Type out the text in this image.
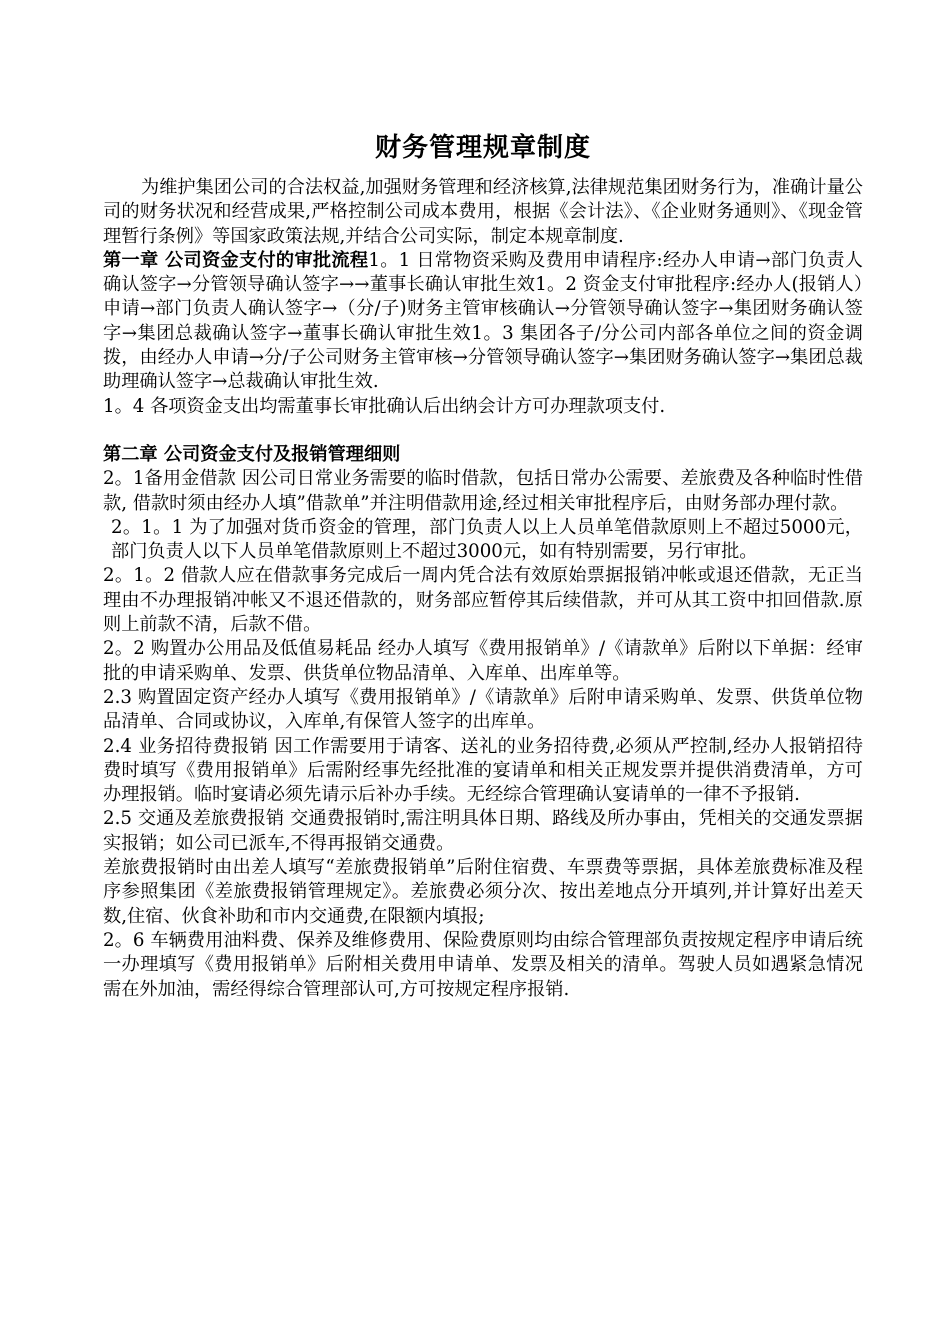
财务管理规章制度

为维护集团公司的合法权益,加强财务管理和经济核算,法律规范集团财务行为，准确计量公司的财务状况和经营成果,严格控制公司成本费用，根据《会计法》、《企业财务通则》、《现金管理暂行条例》等国家政策法规,并结合公司实际，制定本规章制度.

第一章 公司资金支付的审批流程1。1 日常物资采购及费用申请程序:经办人申请→部门负责人确认签字→分管领导确认签字→→董事长确认审批生效1。2 资金支付审批程序:经办人(报销人）申请→部门负责人确认签字→（分/子)财务主管审核确认→分管领导确认签字→集团财务确认签字→集团总裁确认签字→董事长确认审批生效1。3 集团各子/分公司内部各单位之间的资金调拨，由经办人申请→分/子公司财务主管审核→分管领导确认签字→集团财务确认签字→集团总裁助理确认签字→总裁确认审批生效.

1。4 各项资金支出均需董事长审批确认后出纳会计方可办理款项支付.

第二章 公司资金支付及报销管理细则

2。1备用金借款 因公司日常业务需要的临时借款，包括日常办公需要、差旅费及各种临时性借款, 借款时须由经办人填”借款单”并注明借款用途,经过相关审批程序后，由财务部办理付款。

2。1。1 为了加强对货币资金的管理，部门负责人以上人员单笔借款原则上不超过5000元，部门负责人以下人员单笔借款原则上不超过3000元，如有特别需要，另行审批。

2。1。2 借款人应在借款事务完成后一周内凭合法有效原始票据报销冲帐或退还借款，无正当理由不办理报销冲帐又不退还借款的，财务部应暂停其后续借款，并可从其工资中扣回借款.原则上前款不清，后款不借。

2。2 购置办公用品及低值易耗品 经办人填写《费用报销单》/《请款单》后附以下单据：经审批的申请采购单、发票、供货单位物品清单、入库单、出库单等。

2.3 购置固定资产经办人填写《费用报销单》/《请款单》后附申请采购单、发票、供货单位物品清单、合同或协议，入库单,有保管人签字的出库单。

2.4 业务招待费报销 因工作需要用于请客、送礼的业务招待费,必须从严控制,经办人报销招待费时填写《费用报销单》后需附经事先经批准的宴请单和相关正规发票并提供消费清单，方可办理报销。临时宴请必须先请示后补办手续。无经综合管理确认宴请单的一律不予报销.

2.5 交通及差旅费报销 交通费报销时,需注明具体日期、路线及所办事由，凭相关的交通发票据实报销；如公司已派车,不得再报销交通费。

差旅费报销时由出差人填写“差旅费报销单”后附住宿费、车票费等票据，具体差旅费标准及程序参照集团《差旅费报销管理规定》。差旅费必须分次、按出差地点分开填列,并计算好出差天数,住宿、伙食补助和市内交通费,在限额内填报;

2。6 车辆费用油料费、保养及维修费用、保险费原则均由综合管理部负责按规定程序申请后统一办理填写《费用报销单》后附相关费用申请单、发票及相关的清单。驾驶人员如遇紧急情况需在外加油，需经得综合管理部认可,方可按规定程序报销.
